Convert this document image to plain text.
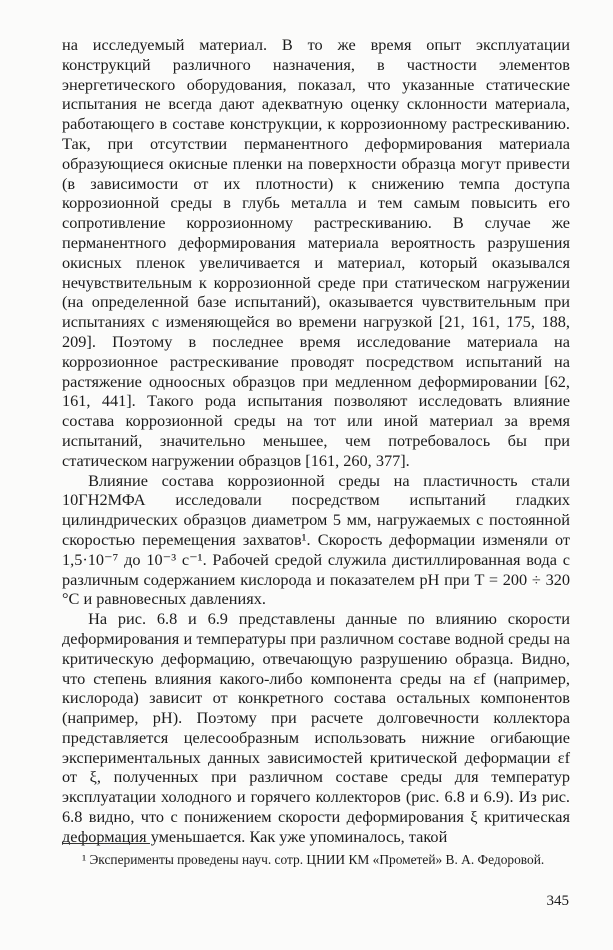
на исследуемый материал. В то же время опыт эксплуатации конструкций различного назначения, в частности элементов энергетического оборудования, показал, что указанные статические испытания не всегда дают адекватную оценку склонности материала, работающего в составе конструкции, к коррозионному растрескиванию. Так, при отсутствии перманентного деформирования материала образующиеся окисные пленки на поверхности образца могут привести (в зависимости от их плотности) к снижению темпа доступа коррозионной среды в глубь металла и тем самым повысить его сопротивление коррозионному растрескиванию. В случае же перманентного деформирования материала вероятность разрушения окисных пленок увеличивается и материал, который оказывался нечувствительным к коррозионной среде при статическом нагружении (на определенной базе испытаний), оказывается чувствительным при испытаниях с изменяющейся во времени нагрузкой [21, 161, 175, 188, 209]. Поэтому в последнее время исследование материала на коррозионное растрескивание проводят посредством испытаний на растяжение одноосных образцов при медленном деформировании [62, 161, 441]. Такого рода испытания позволяют исследовать влияние состава коррозионной среды на тот или иной материал за время испытаний, значительно меньшее, чем потребовалось бы при статическом нагружении образцов [161, 260, 377].

Влияние состава коррозионной среды на пластичность стали 10ГН2МФА исследовали посредством испытаний гладких цилиндрических образцов диаметром 5 мм, нагружаемых с постоянной скоростью перемещения захватов¹. Скорость деформации изменяли от 1,5·10⁻⁷ до 10⁻³ с⁻¹. Рабочей средой служила дистиллированная вода с различным содержанием кислорода и показателем pH при T = 200 ÷ 320 °C и равновесных давлениях.

На рис. 6.8 и 6.9 представлены данные по влиянию скорости деформирования и температуры при различном составе водной среды на критическую деформацию, отвечающую разрушению образца. Видно, что степень влияния какого-либо компонента среды на εf (например, кислорода) зависит от конкретного состава остальных компонентов (например, pH). Поэтому при расчете долговечности коллектора представляется целесообразным использовать нижние огибающие экспериментальных данных зависимостей критической деформации εf от ξ, полученных при различном составе среды для температур эксплуатации холодного и горячего коллекторов (рис. 6.8 и 6.9). Из рис. 6.8 видно, что с понижением скорости деформирования ξ критическая деформация уменьшается. Как уже упоминалось, такой

¹ Эксперименты проведены науч. сотр. ЦНИИ КМ «Прометей» В. А. Федоровой.
345
